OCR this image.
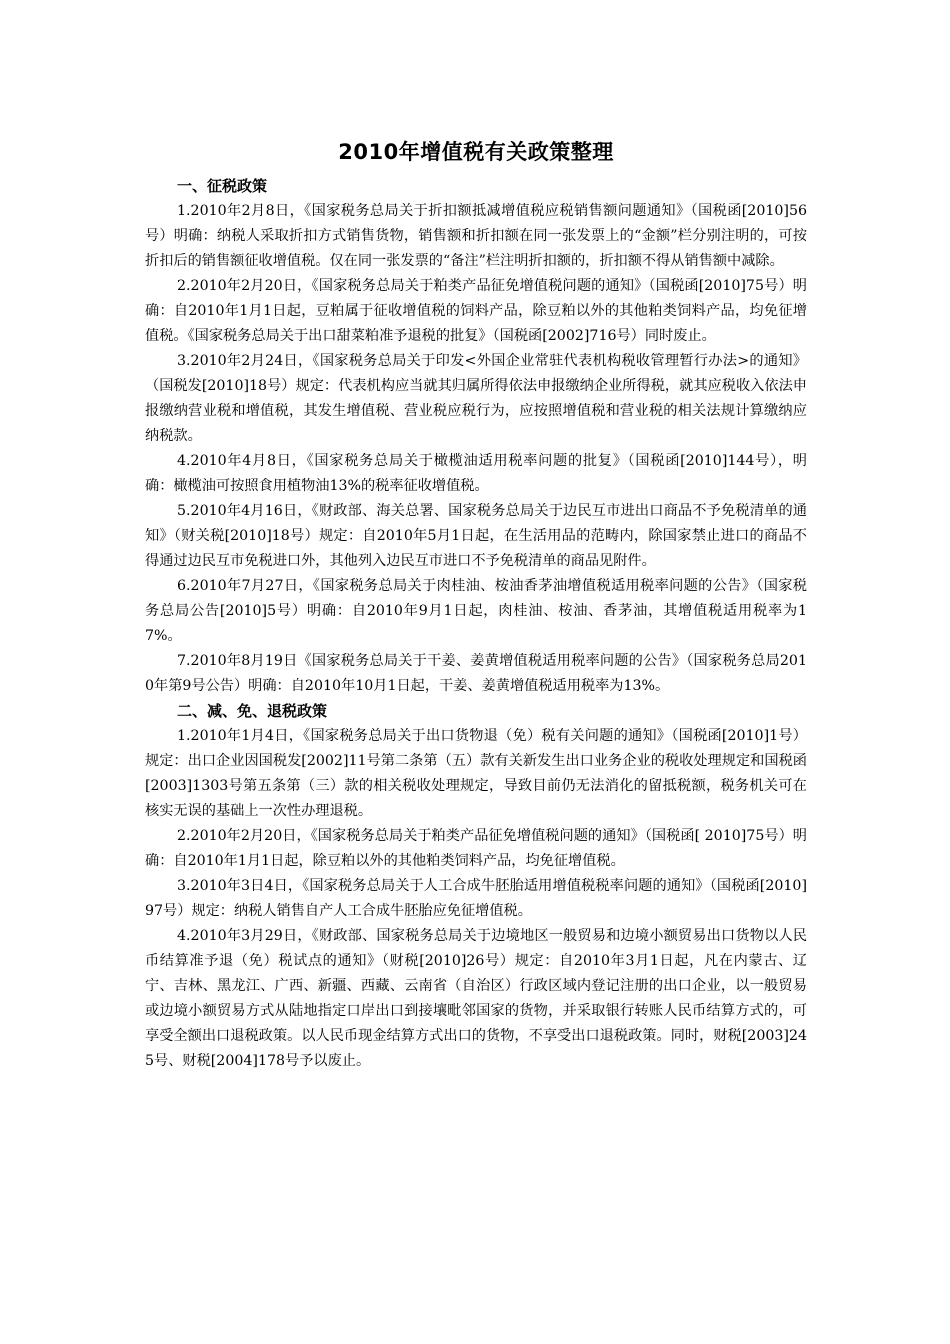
2010年增值税有关政策整理
一、征税政策

1.2010年2月8日，《国家税务总局关于折扣额抵减增值税应税销售额问题通知》（国税函[2010]56号）明确：纳税人采取折扣方式销售货物，销售额和折扣额在同一张发票上的“金额”栏分别注明的，可按折扣后的销售额征收增值税。仅在同一张发票的“备注”栏注明折扣额的，折扣额不得从销售额中减除。

2.2010年2月20日，《国家税务总局关于粕类产品征免增值税问题的通知》（国税函[2010]75号）明确：自2010年1月1日起，豆粕属于征收增值税的饲料产品，除豆粕以外的其他粕类饲料产品，均免征增值税。《国家税务总局关于出口甜菜粕准予退税的批复》（国税函[2002]716号）同时废止。

3.2010年2月24日，《国家税务总局关于印发<外国企业常驻代表机构税收管理暂行办法>的通知》（国税发[2010]18号）规定：代表机构应当就其归属所得依法申报缴纳企业所得税，就其应税收入依法申报缴纳营业税和增值税，其发生增值税、营业税应税行为，应按照增值税和营业税的相关法规计算缴纳应纳税款。

4.2010年4月8日，《国家税务总局关于橄榄油适用税率问题的批复》（国税函[2010]144号），明确：橄榄油可按照食用植物油13%的税率征收增值税。

5.2010年4月16日，《财政部、海关总署、国家税务总局关于边民互市进出口商品不予免税清单的通知》（财关税[2010]18号）规定：自2010年5月1日起，在生活用品的范畴内，除国家禁止进口的商品不得通过边民互市免税进口外，其他列入边民互市进口不予免税清单的商品见附件。

6.2010年7月27日，《国家税务总局关于肉桂油、桉油香茅油增值税适用税率问题的公告》（国家税务总局公告[2010]5号）明确：自2010年9月1日起，肉桂油、桉油、香茅油，其增值税适用税率为17%。

7.2010年8月19日《国家税务总局关于干姜、姜黄增值税适用税率问题的公告》（国家税务总局2010年第9号公告）明确：自2010年10月1日起，干姜、姜黄增值税适用税率为13%。

二、减、免、退税政策

1.2010年1月4日，《国家税务总局关于出口货物退（免）税有关问题的通知》（国税函[2010]1号）规定：出口企业因国税发[2002]11号第二条第（五）款有关新发生出口业务企业的税收处理规定和国税函[2003]1303号第五条第（三）款的相关税收处理规定，导致目前仍无法消化的留抵税额，税务机关可在核实无误的基础上一次性办理退税。

2.2010年2月20日，《国家税务总局关于粕类产品征免增值税问题的通知》（国税函[ 2010]75号）明确：自2010年1月1日起，除豆粕以外的其他粕类饲料产品，均免征增值税。

3.2010年3日4日，《国家税务总局关于人工合成牛胚胎适用增值税税率问题的通知》（国税函[2010]97号）规定：纳税人销售自产人工合成牛胚胎应免征增值税。

4.2010年3月29日，《财政部、国家税务总局关于边境地区一般贸易和边境小额贸易出口货物以人民币结算准予退（免）税试点的通知》（财税[2010]26号）规定：自2010年3月1日起，凡在内蒙古、辽宁、吉林、黑龙江、广西、新疆、西藏、云南省（自治区）行政区域内登记注册的出口企业，以一般贸易或边境小额贸易方式从陆地指定口岸出口到接壤毗邻国家的货物，并采取银行转账人民币结算方式的，可享受全额出口退税政策。以人民币现金结算方式出口的货物，不享受出口退税政策。同时，财税[2003]245号、财税[2004]178号予以废止。
